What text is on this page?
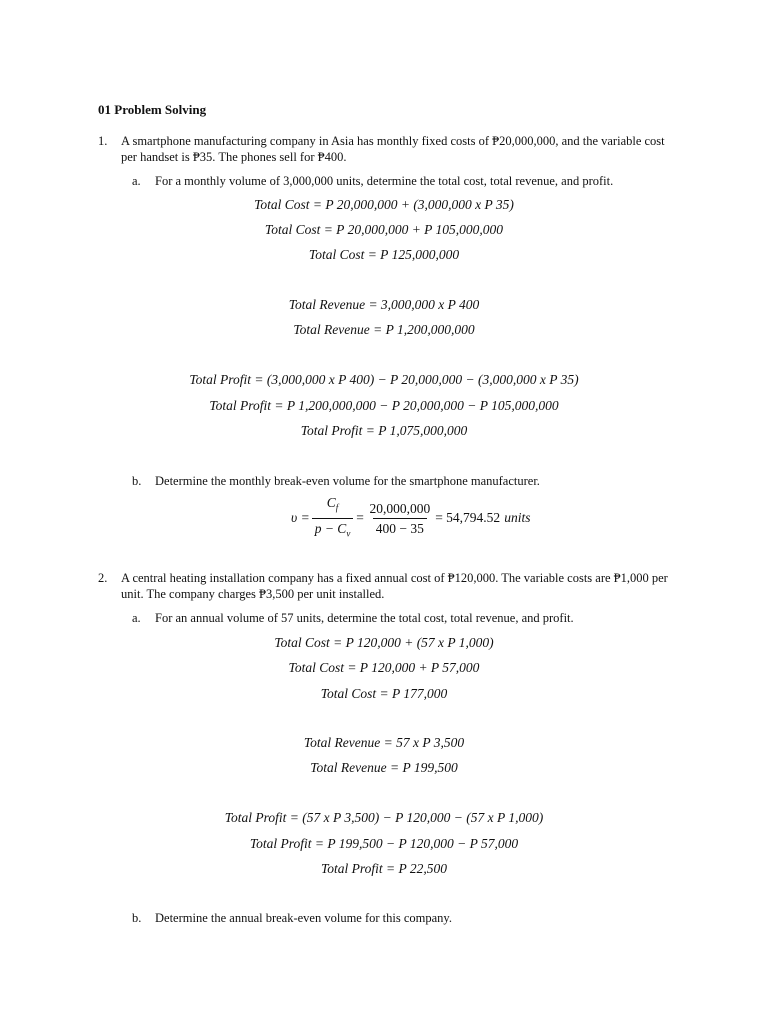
01 Problem Solving
1. A smartphone manufacturing company in Asia has monthly fixed costs of ₱20,000,000, and the variable cost per handset is ₱35. The phones sell for ₱400.
a. For a monthly volume of 3,000,000 units, determine the total cost, total revenue, and profit.
Total Cost = P 20,000,000 + (3,000,000 x P 35)
Total Cost = P 20,000,000 + P 105,000,000
Total Cost = P 125,000,000
Total Revenue = 3,000,000 x P 400
Total Revenue = P 1,200,000,000
Total Profit = (3,000,000 x P 400) − P 20,000,000 − (3,000,000 x P 35)
Total Profit = P 1,200,000,000 − P 20,000,000 − P 105,000,000
Total Profit = P 1,075,000,000
b. Determine the monthly break-even volume for the smartphone manufacturer.
$\upsilon = \frac{C_f}{p - C_v} = \frac{20,000,000}{400 - 35} = 54,794.52$ units
2. A central heating installation company has a fixed annual cost of ₱120,000. The variable costs are ₱1,000 per unit. The company charges ₱3,500 per unit installed.
a. For an annual volume of 57 units, determine the total cost, total revenue, and profit.
Total Cost = P 120,000 + (57 x P 1,000)
Total Cost = P 120,000 + P 57,000
Total Cost = P 177,000
Total Revenue = 57 x P 3,500
Total Revenue = P 199,500
Total Profit = (57 x P 3,500) − P 120,000 − (57 x P 1,000)
Total Profit = P 199,500 − P 120,000 − P 57,000
Total Profit = P 22,500
b. Determine the annual break-even volume for this company.
